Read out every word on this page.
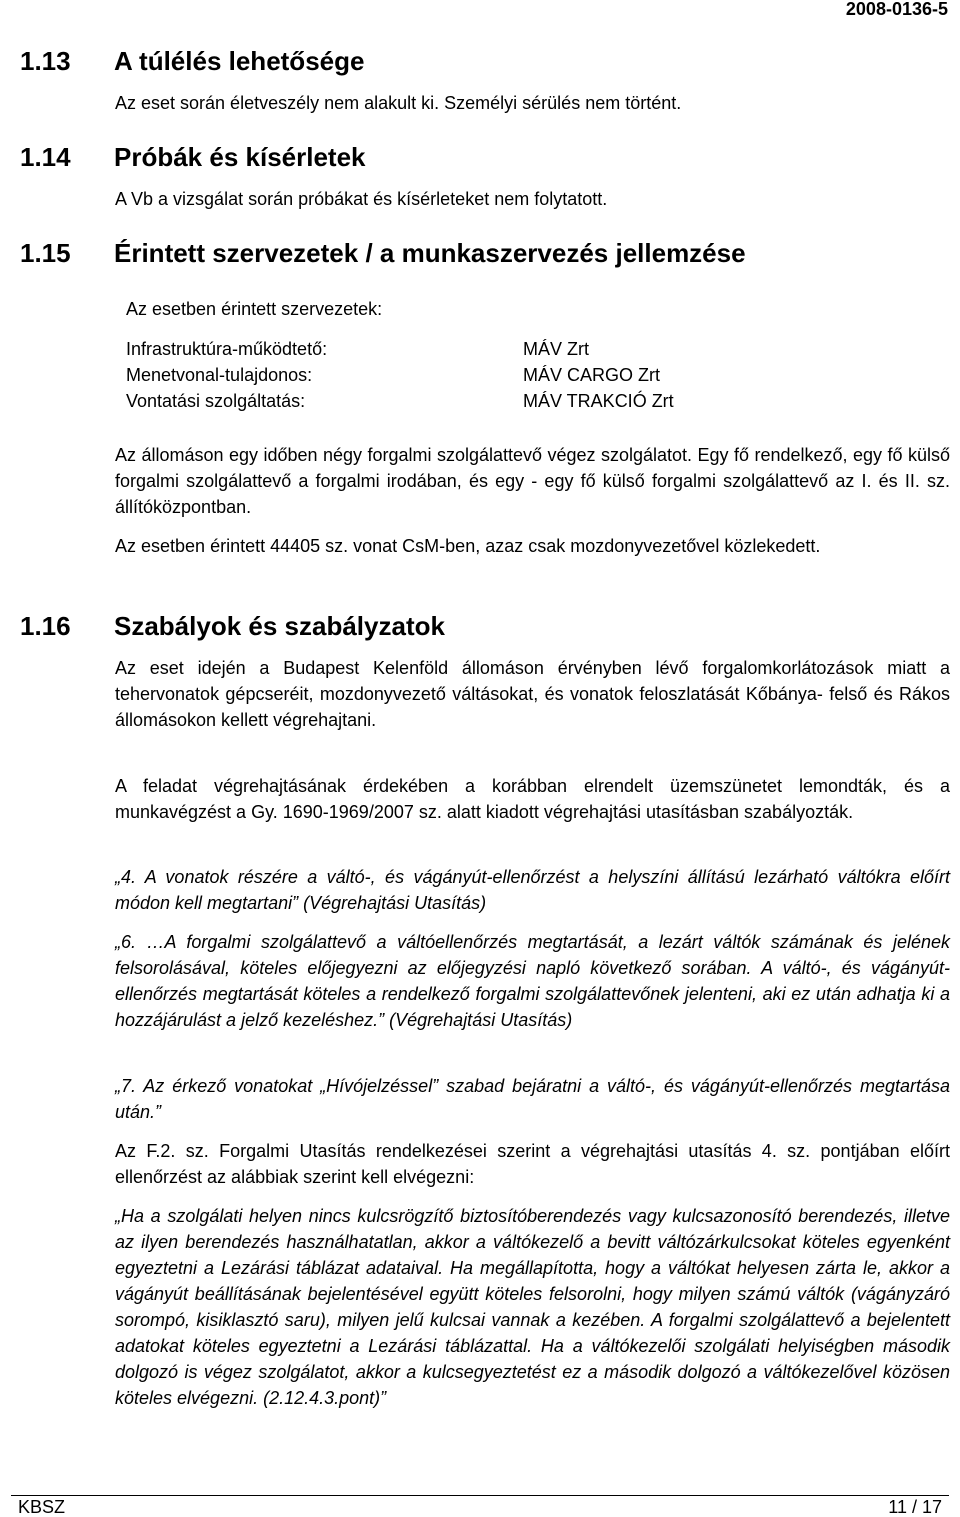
2008-0136-5
1.13 A túlélés lehetősége
Az eset során életveszély nem alakult ki. Személyi sérülés nem történt.
1.14 Próbák és kísérletek
A Vb a vizsgálat során próbákat és kísérleteket nem folytatott.
1.15 Érintett szervezetek / a munkaszervezés jellemzése
Az esetben érintett szervezetek:
Infrastruktúra-működtető:	MÁV Zrt
Menetvonal-tulajdonos:	MÁV CARGO Zrt
Vontatási szolgáltatás:	MÁV TRAKCIÓ Zrt

Az állomáson egy időben négy forgalmi szolgálattevő végez szolgálatot. Egy fő rendelkező, egy fő külső forgalmi szolgálattevő a forgalmi irodában, és egy - egy fő külső forgalmi szolgálattevő az I. és II. sz. állítóközpontban.

Az esetben érintett 44405 sz. vonat CsM-ben, azaz csak mozdonyvezetővel közlekedett.

1.16 Szabályok és szabályzatok

Az eset idején a Budapest Kelenföld állomáson érvényben lévő forgalomkorlátozások miatt a tehervonatok gépcseréit, mozdonyvezető váltásokat, és vonatok feloszlatását Kőbánya- felső és Rákos állomásokon kellett végrehajtani.

A feladat végrehajtásának érdekében a korábban elrendelt üzemszünetet lemondták, és a munkavégzést a Gy. 1690-1969/2007 sz. alatt kiadott végrehajtási utasításban szabályozták.

„4. A vonatok részére a váltó-, és vágányút-ellenőrzést a helyszíni állítású lezárható váltókra előírt módon kell megtartani” (Végrehajtási Utasítás)

„6. …A forgalmi szolgálattevő a váltóellenőrzés megtartását, a lezárt váltók számának és jelének felsorolásával, köteles előjegyezni az előjegyzési napló következő sorában. A váltó-, és vágányút-ellenőrzés megtartását köteles a rendelkező forgalmi szolgálattevőnek jelenteni, aki ez után adhatja ki a hozzájárulást a jelző kezeléshez.” (Végrehajtási Utasítás)

„7. Az érkező vonatokat „Hívójelzéssel” szabad bejáratni a váltó-, és vágányút-ellenőrzés megtartása után.”

Az F.2. sz. Forgalmi Utasítás rendelkezései szerint a végrehajtási utasítás 4. sz. pontjában előírt ellenőrzést az alábbiak szerint kell elvégezni:

„Ha a szolgálati helyen nincs kulcsrögzítő biztosítóberendezés vagy kulcsazonosító berendezés, illetve az ilyen berendezés használhatatlan, akkor a váltókezelő a bevitt váltózárkulcsokat köteles egyenként egyeztetni a Lezárási táblázat adataival. Ha megállapította, hogy a váltókat helyesen zárta le, akkor a vágányút beállításának bejelentésével együtt köteles felsorolni, hogy milyen számú váltók (vágányzáró sorompó, kisiklasztó saru), milyen jelű kulcsai vannak a kezében. A forgalmi szolgálattevő a bejelentett adatokat köteles egyeztetni a Lezárási táblázattal. Ha a váltókezelői szolgálati helyiségben második dolgozó is végez szolgálatot, akkor a kulcsegyeztetést ez a második dolgozó a váltókezelővel közösen köteles elvégezni. (2.12.4.3.pont)”

KBSZ	11 / 17
